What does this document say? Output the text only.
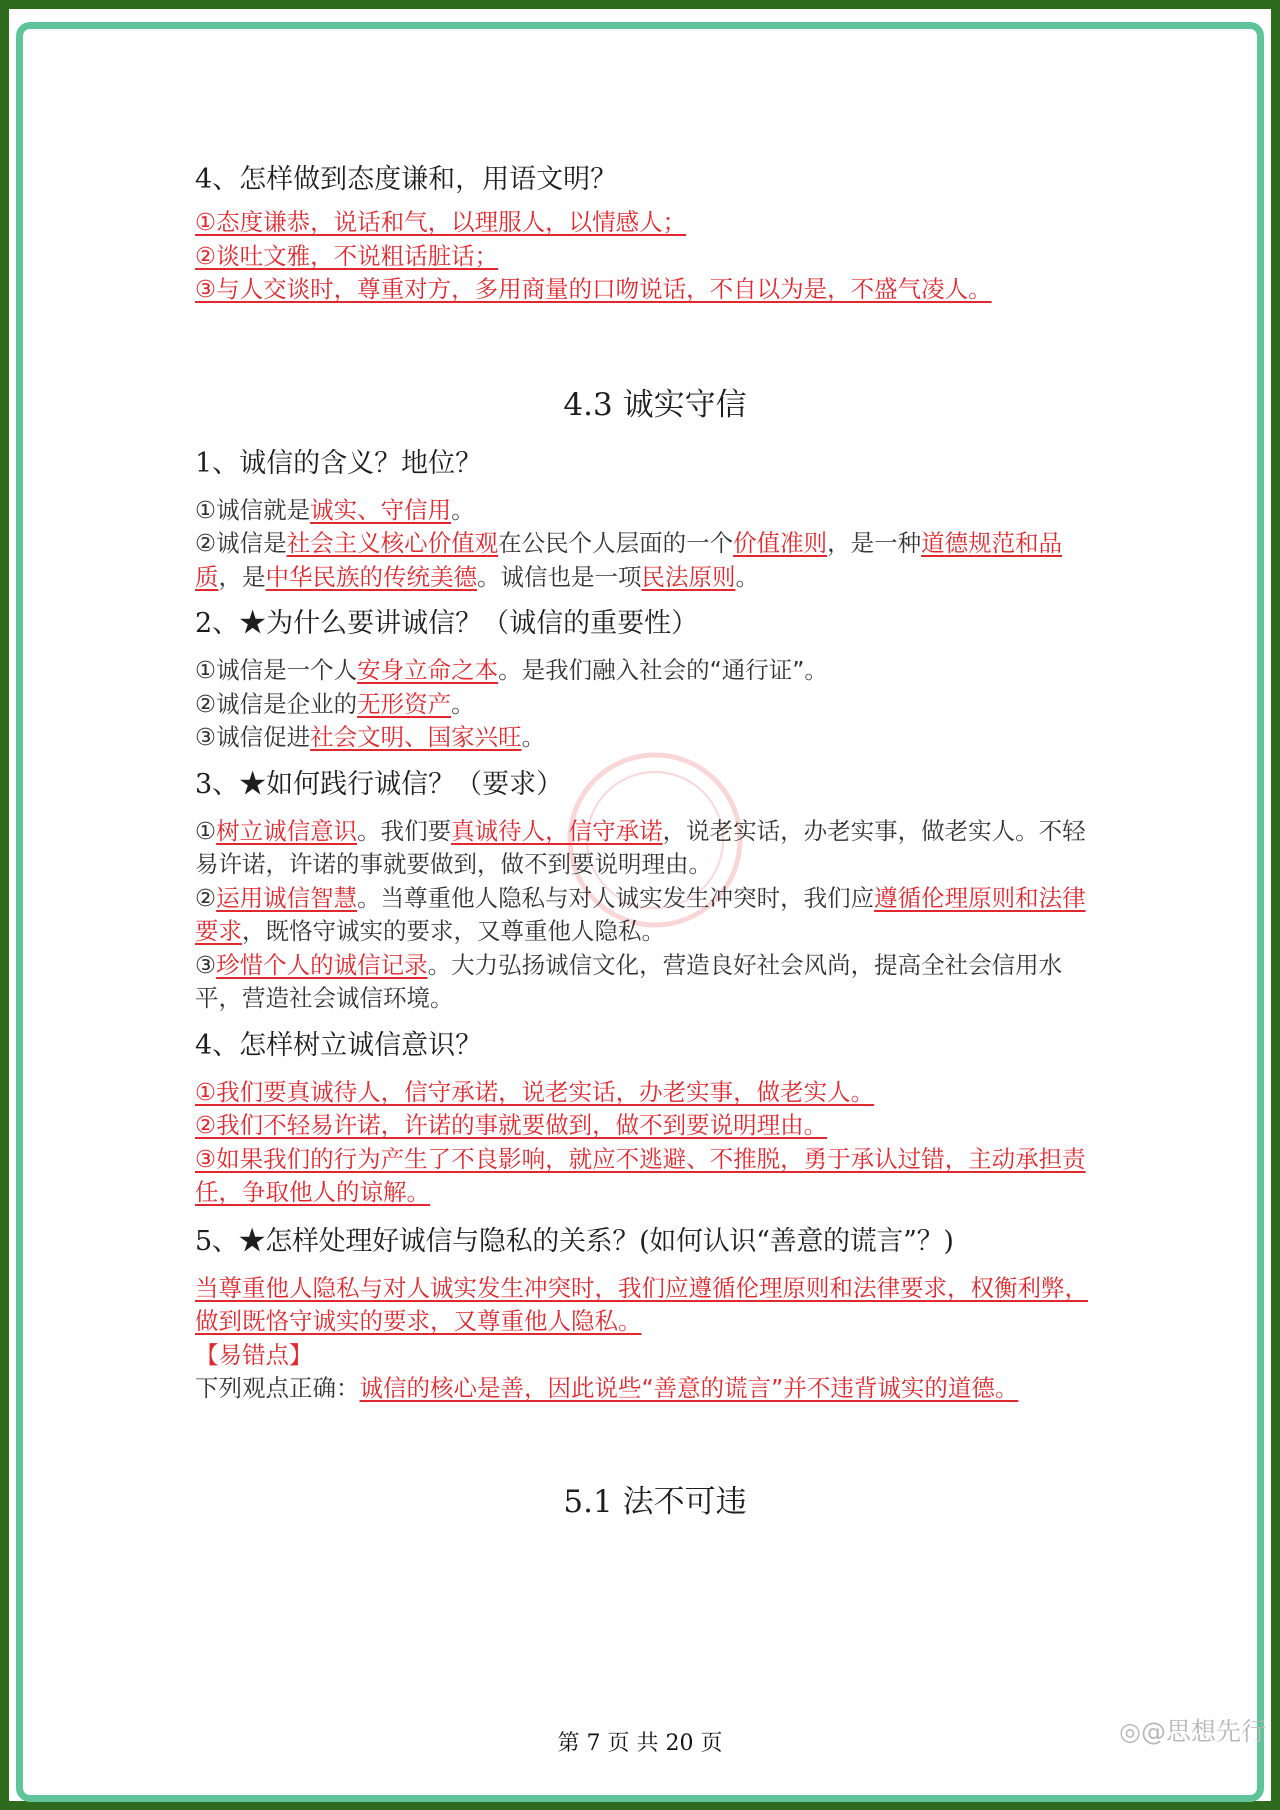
4、怎样做到态度谦和，用语文明？

①态度谦恭，说话和气，以理服人，以情感人；

②谈吐文雅，不说粗话脏话；

③与人交谈时，尊重对方，多用商量的口吻说话，不自以为是，不盛气凌人。

4.3 诚实守信

1、诚信的含义？地位？

①诚信就是诚实、守信用。

②诚信是社会主义核心价值观在公民个人层面的一个价值准则，是一种道德规范和品质，是中华民族的传统美德。诚信也是一项民法原则。

2、★为什么要讲诚信？（诚信的重要性）

①诚信是一个人安身立命之本。是我们融入社会的“通行证”。

②诚信是企业的无形资产。

③诚信促进社会文明、国家兴旺。

3、★如何践行诚信？（要求）

①树立诚信意识。我们要真诚待人，信守承诺，说老实话，办老实事，做老实人。不轻易许诺，许诺的事就要做到，做不到要说明理由。

②运用诚信智慧。当尊重他人隐私与对人诚实发生冲突时，我们应遵循伦理原则和法律要求，既恪守诚实的要求，又尊重他人隐私。

③珍惜个人的诚信记录。大力弘扬诚信文化，营造良好社会风尚，提高全社会信用水平，营造社会诚信环境。

4、怎样树立诚信意识？

①我们要真诚待人，信守承诺，说老实话，办老实事，做老实人。

②我们不轻易许诺，许诺的事就要做到，做不到要说明理由。

③如果我们的行为产生了不良影响，就应不逃避、不推脱，勇于承认过错，主动承担责任，争取他人的谅解。

5、★怎样处理好诚信与隐私的关系？(如何认识“善意的谎言”？)

当尊重他人隐私与对人诚实发生冲突时，我们应遵循伦理原则和法律要求，权衡利弊，做到既恪守诚实的要求，又尊重他人隐私。

【易错点】

下列观点正确：诚信的核心是善，因此说些“善意的谎言”并不违背诚实的道德。

5.1 法不可违

第 7 页 共 20 页	◎@思想先行
